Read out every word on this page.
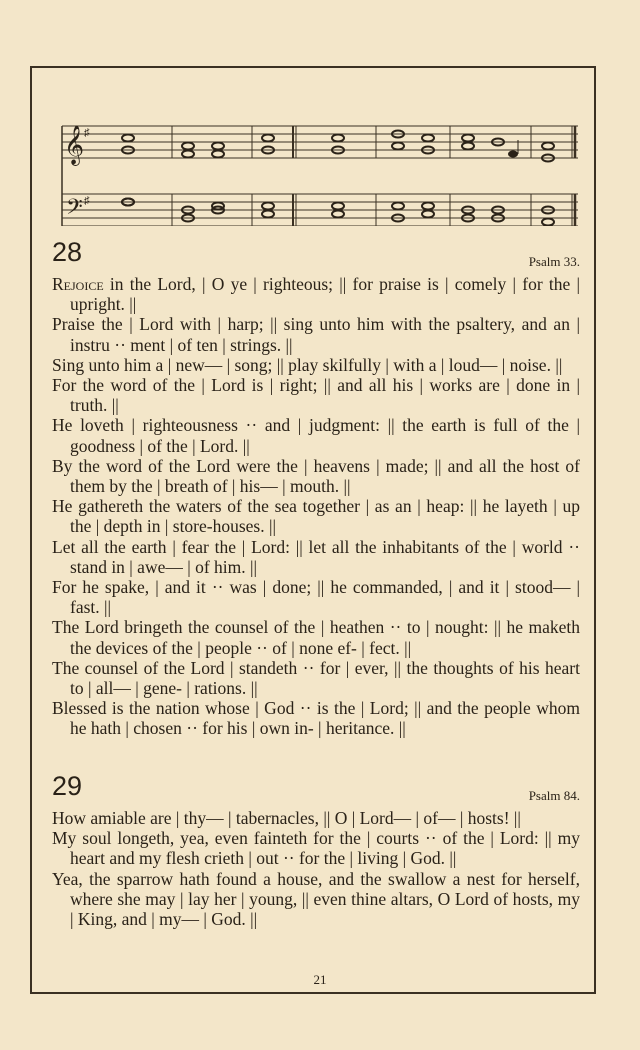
𝄞
𝄢
♯
♯
28	Psalm 33.

Rejoice in the Lord, | O ye | righteous; || for praise is | comely | for the | upright. ||

Praise the | Lord with | harp; || sing unto him with the psaltery, and an | instru ·· ment | of ten | strings. ||

Sing unto him a | new— | song; || play skilfully | with a | loud— | noise. ||

For the word of the | Lord is | right; || and all his | works are | done in | truth. ||

He loveth | righteousness ·· and | judgment: || the earth is full of the | goodness | of the | Lord. ||

By the word of the Lord were the | heavens | made; || and all the host of them by the | breath of | his— | mouth. ||

He gathereth the waters of the sea together | as an | heap: || he layeth | up the | depth in | store-houses. ||

Let all the earth | fear the | Lord: || let all the inhabitants of the | world ·· stand in | awe— | of him. ||

For he spake, | and it ·· was | done; || he commanded, | and it | stood— | fast. ||

The Lord bringeth the counsel of the | heathen ·· to | nought: || he maketh the devices of the | people ·· of | none ef- | fect. ||

The counsel of the Lord | standeth ·· for | ever, || the thoughts of his heart to | all— | gene- | rations. ||

Blessed is the nation whose | God ·· is the | Lord; || and the people whom he hath | chosen ·· for his | own in- | heritance. ||

29	Psalm 84.

How amiable are | thy— | tabernacles, || O | Lord— | of— | hosts! ||

My soul longeth, yea, even fainteth for the | courts ·· of the | Lord: || my heart and my flesh crieth | out ·· for the | living | God. ||

Yea, the sparrow hath found a house, and the swallow a nest for herself, where she may | lay her | young, || even thine altars, O Lord of hosts, my | King, and | my— | God. ||

21
